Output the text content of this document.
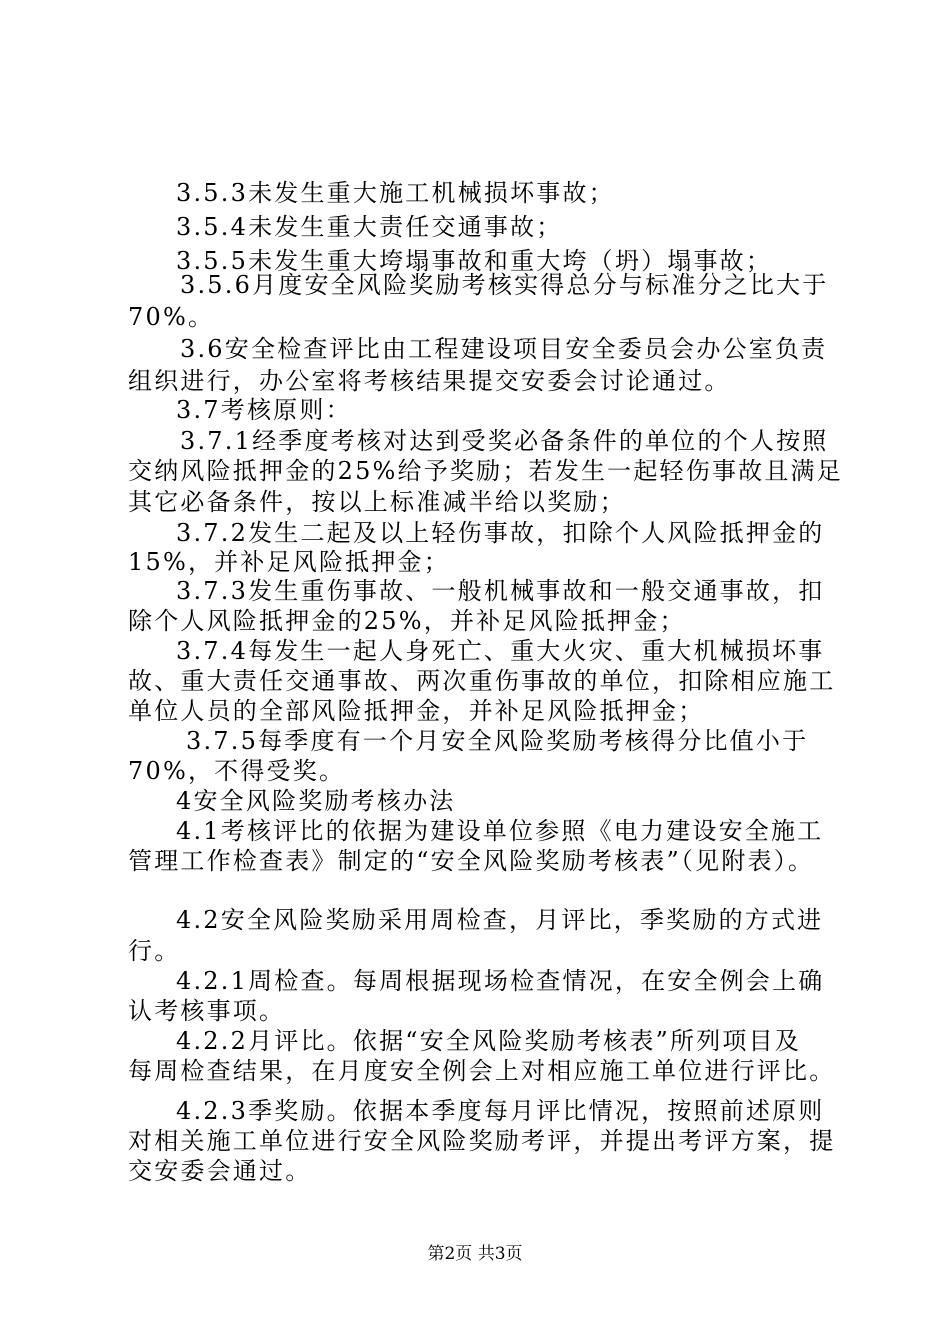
3.5.3未发生重大施工机械损坏事故；
3.5.4未发生重大责任交通事故；
3.5.5未发生重大垮塌事故和重大垮（坍）塌事故；
3.5.6月度安全风险奖励考核实得总分与标准分之比大于
70%。
3.6安全检查评比由工程建设项目安全委员会办公室负责
组织进行，办公室将考核结果提交安委会讨论通过。
3.7考核原则：
3.7.1经季度考核对达到受奖必备条件的单位的个人按照
交纳风险抵押金的25%给予奖励；若发生一起轻伤事故且满足
其它必备条件，按以上标准减半给以奖励；
3.7.2发生二起及以上轻伤事故，扣除个人风险抵押金的
15%，并补足风险抵押金；
3.7.3发生重伤事故、一般机械事故和一般交通事故，扣
除个人风险抵押金的25%，并补足风险抵押金；
3.7.4每发生一起人身死亡、重大火灾、重大机械损坏事
故、重大责任交通事故、两次重伤事故的单位，扣除相应施工
单位人员的全部风险抵押金，并补足风险抵押金；
3.7.5每季度有一个月安全风险奖励考核得分比值小于
70%，不得受奖。
4安全风险奖励考核办法
4.1考核评比的依据为建设单位参照《电力建设安全施工
管理工作检查表》制定的“安全风险奖励考核表”（见附表）。
4.2安全风险奖励采用周检查，月评比，季奖励的方式进
行。
4.2.1周检查。每周根据现场检查情况，在安全例会上确
认考核事项。
4.2.2月评比。依据“安全风险奖励考核表”所列项目及
每周检查结果，在月度安全例会上对相应施工单位进行评比。
4.2.3季奖励。依据本季度每月评比情况，按照前述原则
对相关施工单位进行安全风险奖励考评，并提出考评方案，提
交安委会通过。
第2页 共3页
